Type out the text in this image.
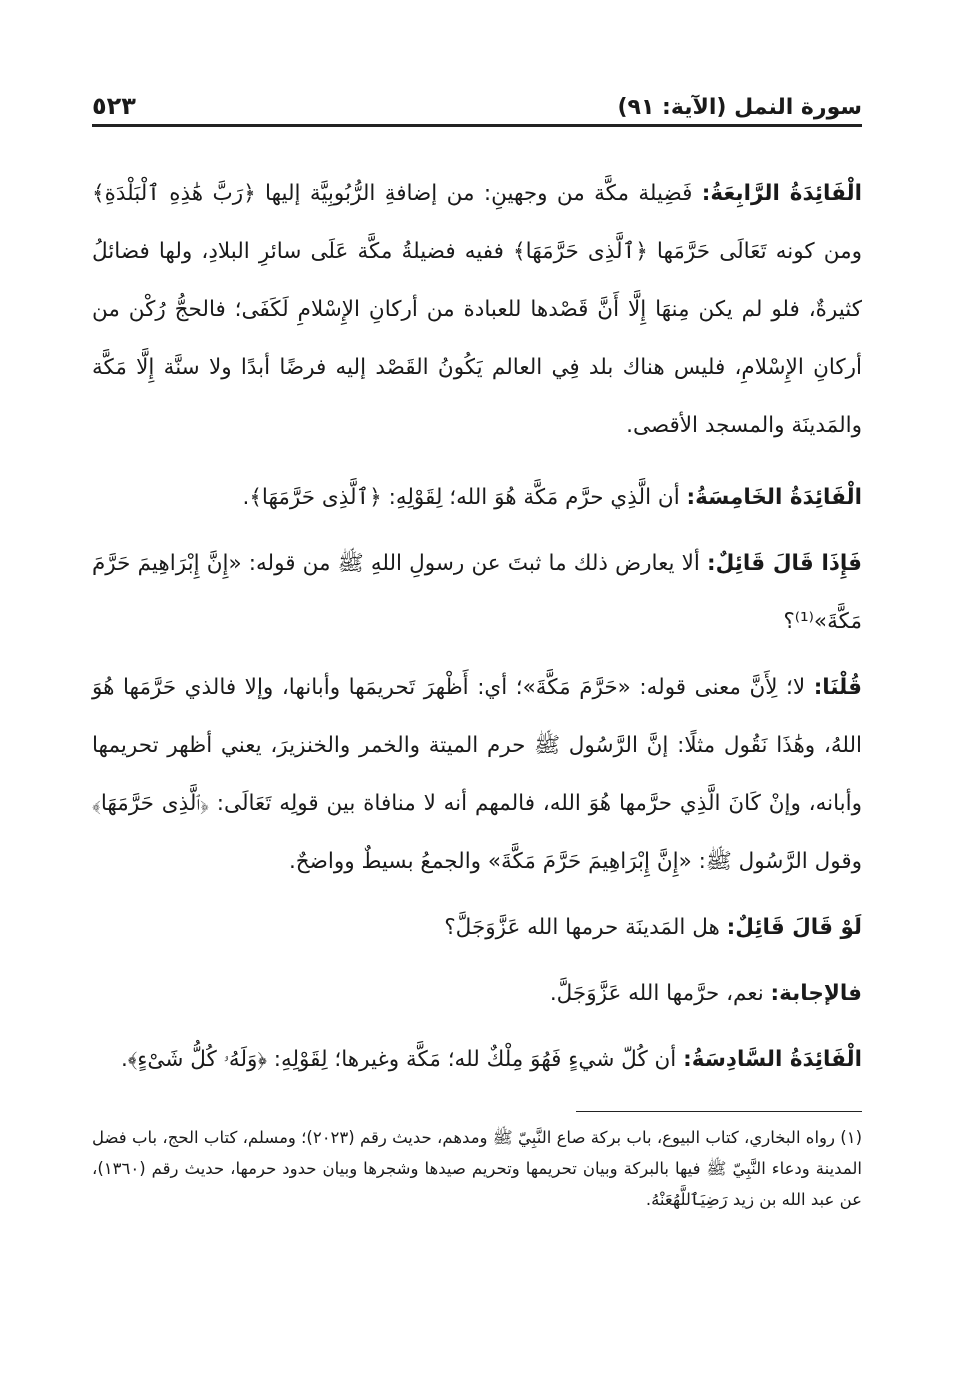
سورة النمل (الآية: ٩١)
٥٢٣

الْفَائِدَةُ الرَّابِعَةُ: فَضِيلة مكَّة من وجهينِ: من إضافةِ الرُّبُوبِيَّة إليها ﴿رَبَّ هَٰذِهِ ٱلْبَلْدَةِ﴾ ومن كونه تَعَالَى حَرَّمَها ﴿ٱلَّذِى حَرَّمَهَا﴾ ففيه فضيلةُ مكَّة عَلَى سائرِ البلادِ، ولها فضائلُ كثيرةٌ، فلو لم يكن مِنهَا إِلَّا أَنَّ قَصْدها للعبادة من أركانِ الإِسْلامِ لَكَفَى؛ فالحجُّ رُكْن من أركانِ الإِسْلامِ، فليس هناك بلد فِي العالم يَكُونُ القَصْد إليه فرضًا أبدًا ولا سنَّة إِلَّا مَكَّة والمَدينَة والمسجد الأقصى.

الْفَائِدَةُ الخَامِسَةُ: أن الَّذِي حرَّم مَكَّة هُوَ الله؛ لِقَوْلِهِ: ﴿ٱلَّذِى حَرَّمَهَا﴾.

فَإِذَا قَالَ قَائِلٌ: ألا يعارض ذلك ما ثبتَ عن رسولِ اللهِ ﷺ من قوله: «إِنَّ إِبْرَاهِيمَ حَرَّمَ مَكَّةَ»⁽¹⁾؟

قُلْنَا: لا؛ لِأَنَّ معنى قوله: «حَرَّمَ مَكَّةَ»؛ أي: أَظْهرَ تَحريمَها وأبانها، وإلا فالذي حَرَّمَها هُوَ اللهُ، وهَٰذَا نَقُول مثلًا: إنَّ الرَّسُول ﷺ حرم الميتة والخمر والخنزيرَ، يعني أظهر تحريمها وأبانه، وإنْ كَانَ الَّذِي حرَّمها هُوَ الله، فالمهم أنه لا منافاة بين قولِه تَعَالَى: ﴿ٱلَّذِى حَرَّمَهَا﴾ وقول الرَّسُول ﷺ: «إِنَّ إِبْرَاهِيمَ حَرَّمَ مَكَّةَ» والجمعُ بسيطٌ وواضحٌ.

لَوْ قَالَ قَائِلٌ: هل المَدينَة حرمها الله عَزَّوَجَلَّ؟

فالإجابة: نعم، حرَّمها الله عَزَّوَجَلَّ.

الْفَائِدَةُ السَّادِسَةُ: أن كُلّ شيءٍ فَهُوَ مِلْكٌ لله؛ مَكَّة وغيرها؛ لِقَوْلِهِ: ﴿وَلَهُۥ كُلُّ شَىْءٍ﴾.

(١) رواه البخاري، كتاب البيوع، باب بركة صاع النَّبِيّ ﷺ ومدهم، حديث رقم (٢٠٢٣)؛ ومسلم، كتاب الحج، باب فضل المدينة ودعاء النَّبِيّ ﷺ فيها بالبركة وبيان تحريمها وتحريم صيدها وشجرها وبيان حدود حرمها، حديث رقم (١٣٦٠)، عن عبد الله بن زيد رَضِيَٱللَّهُعَنْهُ.
